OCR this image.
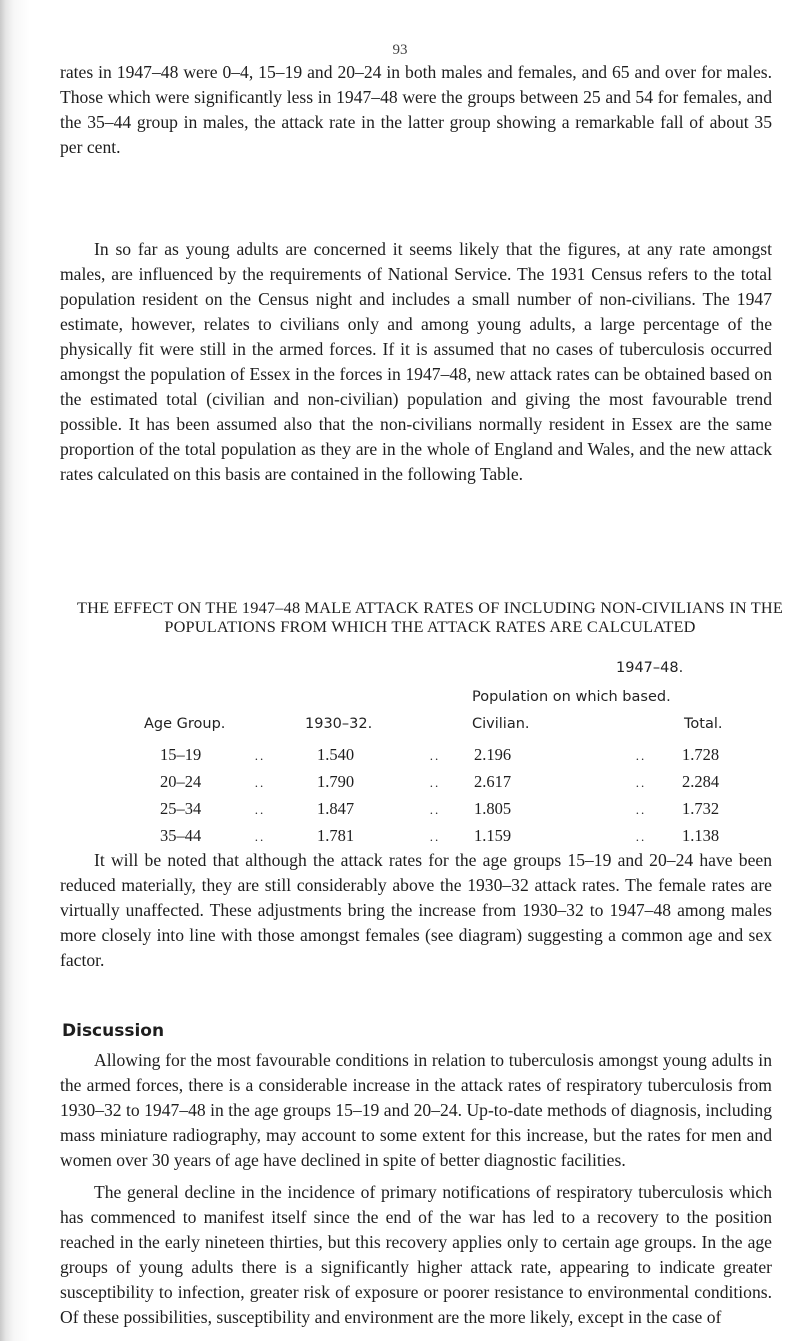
93

rates in 1947–48 were 0–4, 15–19 and 20–24 in both males and females, and 65 and over for males. Those which were significantly less in 1947–48 were the groups between 25 and 54 for females, and the 35–44 group in males, the attack rate in the latter group showing a remarkable fall of about 35 per cent.

In so far as young adults are concerned it seems likely that the figures, at any rate amongst males, are influenced by the requirements of National Service. The 1931 Census refers to the total population resident on the Census night and includes a small number of non-civilians. The 1947 estimate, however, relates to civilians only and among young adults, a large percentage of the physically fit were still in the armed forces. If it is assumed that no cases of tuberculosis occurred amongst the population of Essex in the forces in 1947–48, new attack rates can be obtained based on the estimated total (civilian and non-civilian) population and giving the most favourable trend possible. It has been assumed also that the non-civilians normally resident in Essex are the same proportion of the total population as they are in the whole of England and Wales, and the new attack rates calculated on this basis are contained in the following Table.

THE EFFECT ON THE 1947–48 MALE ATTACK RATES OF INCLUDING NON-CIVILIANS IN THE POPULATIONS FROM WHICH THE ATTACK RATES ARE CALCULATED

1947–48.
Population on which based.
Age Group.	1930–32.	Civilian.	Total.
15–19	..	1.540	..	2.196	..	1.728
20–24	..	1.790	..	2.617	..	2.284
25–34	..	1.847	..	1.805	..	1.732
35–44	..	1.781	..	1.159	..	1.138

It will be noted that although the attack rates for the age groups 15–19 and 20–24 have been reduced materially, they are still considerably above the 1930–32 attack rates. The female rates are virtually unaffected. These adjustments bring the increase from 1930–32 to 1947–48 among males more closely into line with those amongst females (see diagram) suggesting a common age and sex factor.

Discussion

Allowing for the most favourable conditions in relation to tuberculosis amongst young adults in the armed forces, there is a considerable increase in the attack rates of respiratory tuberculosis from 1930–32 to 1947–48 in the age groups 15–19 and 20–24. Up-to-date methods of diagnosis, including mass miniature radiography, may account to some extent for this increase, but the rates for men and women over 30 years of age have declined in spite of better diagnostic facilities.

The general decline in the incidence of primary notifications of respiratory tuberculosis which has commenced to manifest itself since the end of the war has led to a recovery to the position reached in the early nineteen thirties, but this recovery applies only to certain age groups. In the age groups of young adults there is a significantly higher attack rate, appearing to indicate greater susceptibility to infection, greater risk of exposure or poorer resistance to environmental conditions. Of these possibilities, susceptibility and environment are the more likely, except in the case of
